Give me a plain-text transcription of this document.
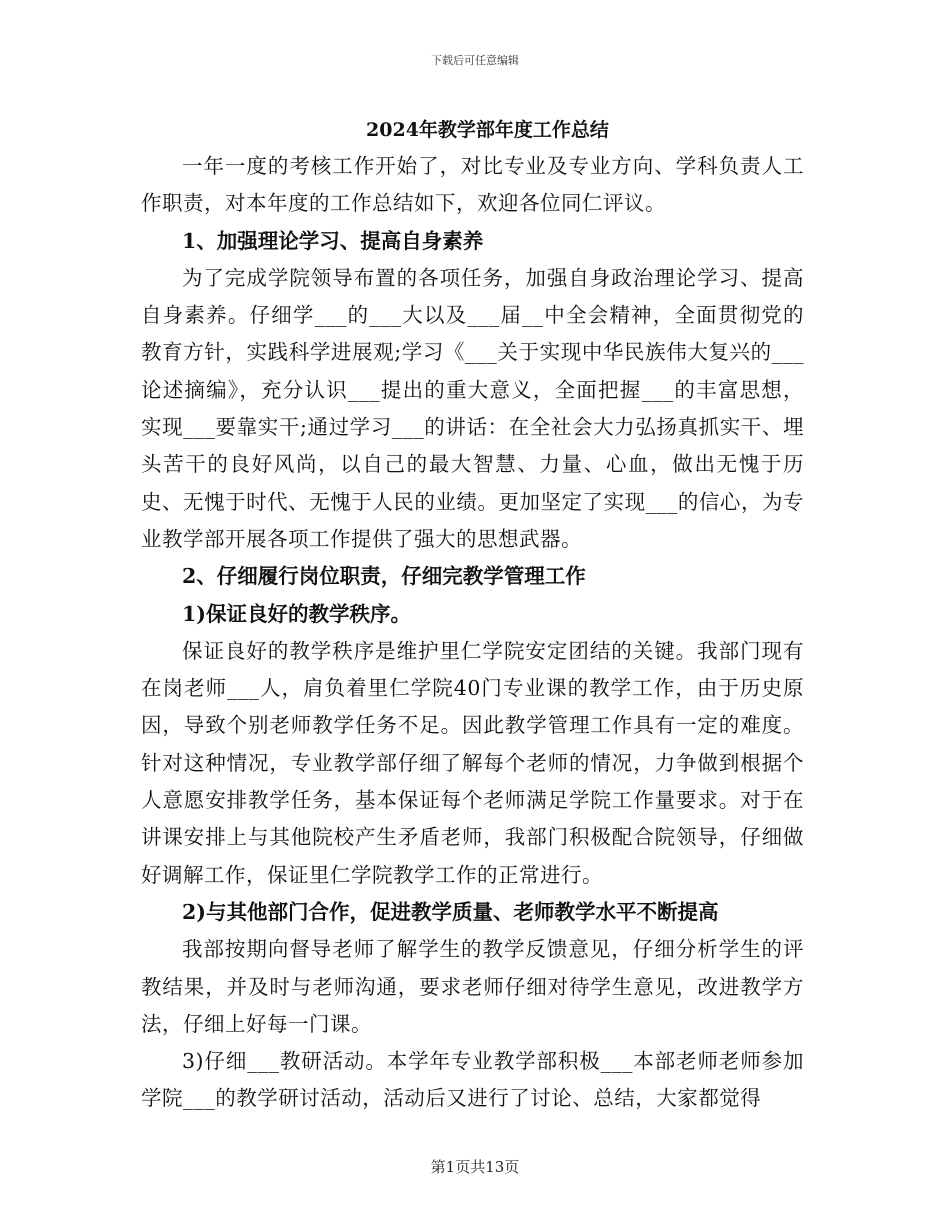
下载后可任意编辑
2024年教学部年度工作总结

一年一度的考核工作开始了，对比专业及专业方向、学科负责人工作职责，对本年度的工作总结如下，欢迎各位同仁评议。

1、加强理论学习、提高自身素养

为了完成学院领导布置的各项任务，加强自身政治理论学习、提高自身素养。仔细学___的___大以及___届__中全会精神，全面贯彻党的教育方针，实践科学进展观;学习《___关于实现中华民族伟大复兴的___论述摘编》，充分认识___提出的重大意义，全面把握___的丰富思想，实现___要靠实干;通过学习___的讲话：在全社会大力弘扬真抓实干、埋头苦干的良好风尚，以自己的最大智慧、力量、心血，做出无愧于历史、无愧于时代、无愧于人民的业绩。更加坚定了实现___的信心，为专业教学部开展各项工作提供了强大的思想武器。

2、仔细履行岗位职责，仔细完教学管理工作

1)保证良好的教学秩序。

保证良好的教学秩序是维护里仁学院安定团结的关键。我部门现有在岗老师___人，肩负着里仁学院40门专业课的教学工作，由于历史原因，导致个别老师教学任务不足。因此教学管理工作具有一定的难度。针对这种情况，专业教学部仔细了解每个老师的情况，力争做到根据个人意愿安排教学任务，基本保证每个老师满足学院工作量要求。对于在讲课安排上与其他院校产生矛盾老师，我部门积极配合院领导，仔细做好调解工作，保证里仁学院教学工作的正常进行。

2)与其他部门合作，促进教学质量、老师教学水平不断提高

我部按期向督导老师了解学生的教学反馈意见，仔细分析学生的评教结果，并及时与老师沟通，要求老师仔细对待学生意见，改进教学方法，仔细上好每一门课。

3)仔细___教研活动。本学年专业教学部积极___本部老师老师参加学院___的教学研讨活动，活动后又进行了讨论、总结，大家都觉得

第1页共13页
